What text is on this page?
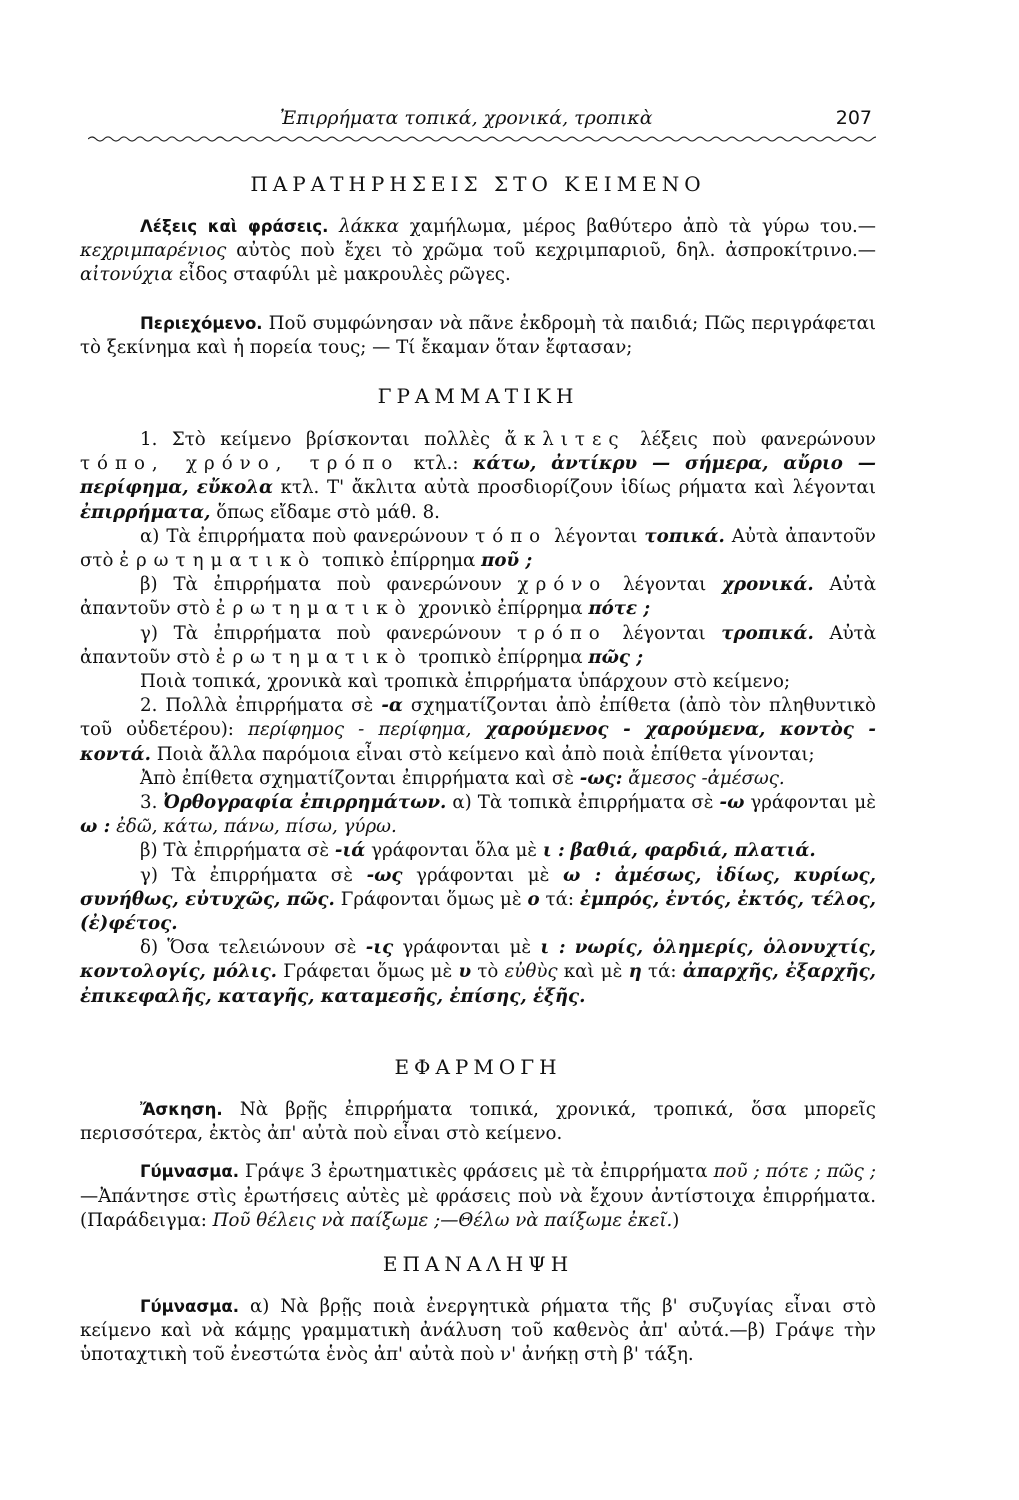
Ἐπιρρήματα τοπικά, χρονικά, τροπικὰ	207
ΠΑΡΑΤΗΡΗΣΕΙΣ ΣΤΟ ΚΕΙΜΕΝΟ

Λέξεις καὶ φράσεις. λάκκα χαμήλωμα, μέρος βαθύτερο ἀπὸ τὰ γύρω του.— κεχριμπαρένιος αὐτὸς ποὺ ἔχει τὸ χρῶμα τοῦ κεχριμπαριοῦ, δηλ. ἀσπροκίτρινο.— αἰτονύχια εἶδος σταφύλι μὲ μακρουλὲς ρῶγες.

Περιεχόμενο. Ποῦ συμφώνησαν νὰ πᾶνε ἐκδρομὴ τὰ παιδιά; Πῶς περιγράφεται τὸ ξεκίνημα καὶ ἡ πορεία τους; — Τί ἔκαμαν ὅταν ἔφτασαν;

ΓΡΑΜΜΑΤΙΚΗ

1. Στὸ κείμενο βρίσκονται πολλὲς ἄκλιτες λέξεις ποὺ φανερώνουν τόπο, χρόνο, τρόπο κτλ.: κάτω, ἀντίκρυ — σήμερα, αὔριο — περίφημα, εὔκολα κτλ. Τ' ἄκλιτα αὐτὰ προσδιορίζουν ἰδίως ρήματα καὶ λέγονται ἐπιρρήματα, ὅπως εἴδαμε στὸ μάθ. 8.

α) Τὰ ἐπιρρήματα ποὺ φανερώνουν τόπο λέγονται τοπικά. Αὐτὰ ἀπαντοῦν στὸ ἐρωτηματικὸ τοπικὸ ἐπίρρημα ποῦ ;

β) Τὰ ἐπιρρήματα ποὺ φανερώνουν χρόνο λέγονται χρονικά. Αὐτὰ ἀπαντοῦν στὸ ἐρωτηματικὸ χρονικὸ ἐπίρρημα πότε ;

γ) Τὰ ἐπιρρήματα ποὺ φανερώνουν τρόπο λέγονται τροπικά. Αὐτὰ ἀπαντοῦν στὸ ἐρωτηματικὸ τροπικὸ ἐπίρρημα πῶς ;

Ποιὰ τοπικά, χρονικὰ καὶ τροπικὰ ἐπιρρήματα ὑπάρχουν στὸ κείμενο;

2. Πολλὰ ἐπιρρήματα σὲ -α σχηματίζονται ἀπὸ ἐπίθετα (ἀπὸ τὸν πληθυντικὸ τοῦ οὐδετέρου): περίφημος - περίφημα, χαρούμενος - χαρούμενα, κοντὸς - κοντά. Ποιὰ ἄλλα παρόμοια εἶναι στὸ κείμενο καὶ ἀπὸ ποιὰ ἐπίθετα γίνονται;

Ἀπὸ ἐπίθετα σχηματίζονται ἐπιρρήματα καὶ σὲ -ως: ἄμεσος -ἀμέσως.

3. Ὀρθογραφία ἐπιρρημάτων. α) Τὰ τοπικὰ ἐπιρρήματα σὲ -ω γράφονται μὲ ω : ἐδῶ, κάτω, πάνω, πίσω, γύρω.

β) Τὰ ἐπιρρήματα σὲ -ιά γράφονται ὅλα μὲ ι : βαθιά, φαρδιά, πλατιά.

γ) Τὰ ἐπιρρήματα σὲ -ως γράφονται μὲ ω : ἀμέσως, ἰδίως, κυρίως, συνήθως, εὐτυχῶς, πῶς. Γράφονται ὅμως μὲ ο τά: ἐμπρός, ἐντός, ἐκτός, τέλος, (ἐ)φέτος.

δ) Ὅσα τελειώνουν σὲ -ις γράφονται μὲ ι : νωρίς, ὁλημερίς, ὁλονυχτίς, κοντολογίς, μόλις. Γράφεται ὅμως μὲ υ τὸ εὐθὺς καὶ μὲ η τά: ἀπαρχῆς, ἐξαρχῆς, ἐπικεφαλῆς, καταγῆς, καταμεσῆς, ἐπίσης, ἑξῆς.

ΕΦΑΡΜΟΓΗ

Ἄσκηση. Νὰ βρῇς ἐπιρρήματα τοπικά, χρονικά, τροπικά, ὅσα μπορεῖς περισσότερα, ἐκτὸς ἀπ' αὐτὰ ποὺ εἶναι στὸ κείμενο.

Γύμνασμα. Γράψε 3 ἐρωτηματικὲς φράσεις μὲ τὰ ἐπιρρήματα ποῦ ; πότε ; πῶς ; —Ἀπάντησε στὶς ἐρωτήσεις αὐτὲς μὲ φράσεις ποὺ νὰ ἔχουν ἀντίστοιχα ἐπιρρήματα. (Παράδειγμα: Ποῦ θέλεις νὰ παίξωμε ;—Θέλω νὰ παίξωμε ἐκεῖ.)

ΕΠΑΝΑΛΗΨΗ

Γύμνασμα. α) Νὰ βρῇς ποιὰ ἐνεργητικὰ ρήματα τῆς β' συζυγίας εἶναι στὸ κείμενο καὶ νὰ κάμῃς γραμματικὴ ἀνάλυση τοῦ καθενὸς ἀπ' αὐτά.—β) Γράψε τὴν ὑποταχτικὴ τοῦ ἐνεστώτα ἑνὸς ἀπ' αὐτὰ ποὺ ν' ἀνήκῃ στὴ β' τάξη.
